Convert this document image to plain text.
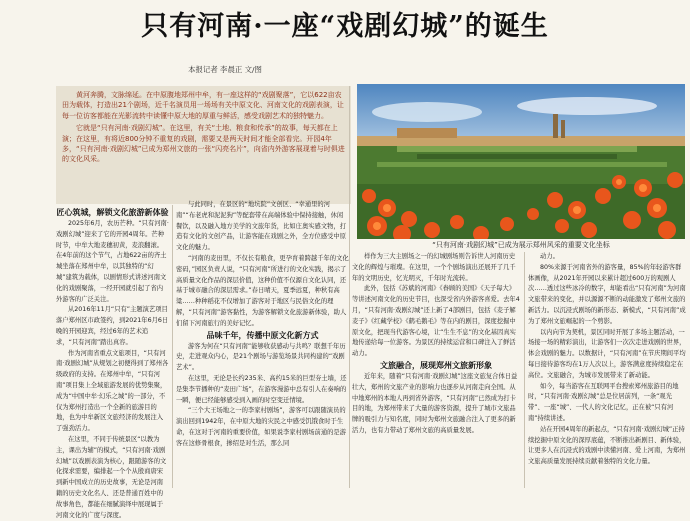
只有河南·一座“戏剧幻城”的诞生
本报记者 李晨正 文/图

黄河奔腾，文脉绵延。在中原腹地郑州中牟，有一座这样的“戏剧聚落”，它以622亩农田为载体，打造出21个剧场，近千名演员用一场场有关中原文化、河南文化的戏剧表演，让每一位访客都能在光影流转中读懂中原大地的厚重与鲜活，感受戏剧艺术的独特魅力。

它就是“只有河南·戏剧幻城”。在这里，有关“土地、粮食和传承”的故事，每天都在上演；在这里，有将近800分钟不重复的戏剧，需要又是两天时间才能全部看完。开园4年多，“只有河南·戏剧幻城”已成为郑州文旅的一张“闪亮名片”，向省内外游客展现着与时俱进的文化风采。

“只有河南·戏剧幻城”已成为展示郑州风采的重要文化坐标

匠心筑城，解锁文化旅游新体验

2025年6月，农历芒种。“只有河南·戏剧幻城”迎来了它的开园4周年。芒种时节，中牟大地麦穗初黄，麦浪翻滚。在4年前的这个节气，占地622亩的齐土城坐落在郑州中牟，以其独特的“幻城”建筑为载体，以剧情形式讲述河南文化的戏剧聚落，一经开园就引起了省内外游客的广泛关注。

从2016年11月“只有”主题演艺项目落户郑州区市政签约，到2021年6月6日晚的开园迎宾，经过6年的艺术追求，“只有河南”踏出真容。

作为河南省重点文旅项目，“只有河南·戏剧幻城”从规划之初便得到了郑州各级政府的支持。在郑州中牟，“只有河南”项目集上全域旅游发展的优势集聚，成为“中国中牟·幻乐之城”的一部分，不仅为郑州打造出一个全新的旅游目的地，也为中牟新区文旅经济的发展注入了强劲活力。

在这里，不同于传统景区“以教为主，课出为辅”的模式，“只有河南·戏剧幻城”以戏剧表演为核心，跟随游客的文化探求需要，编排起一个个从殷商唐宋到新中国成立的历史故事，无论是河南籍的历史文化名人、还是普通百姓中的故事角色，都能在细腻演绎中展现属于河南文化的广度与深度。

与此同时，在景区的“地坑院”文创区、“幸通里的河南”“布老虎和泥泥狗”等配套带在高端体验中保持接触，休闲餐饮，以及融入地方美学的文旅年货，比如庄奥实感文物，打造有文化的文创产品，让游客能在戏剧之外，全方位感受中原文化的魅力。

“河南的麦田里，不仅长有粮食，更孕育着跨越千年的文化密码，”园区负责人说，“只有河南”所进行的文化实践，揭示了高质量文化作品的深层价值，这种价值不仅源自文化认同，还基于城市融合的深层需求。”春日晴天，夏季远夏，种秋有高粱……种种稻花不仅增加了游客对于地区与民俗文化的理解，“只有河南”游客黏性，为游客解锁文化旅游新体验，助人们留下河南旅行的美好记忆。

品味千年，传播中原文化新方式

游客为何在“只有河南”能够收获感动与共鸣？联想千年历史，走进观众内心，是21个剧场与游览场景共同构建的“戏剧艺术”。

在这里，无论是长约235米、高约15米的巨型夯土墙，还是集李节播种的“麦田广场”，在游客漫游中总有引人在奏响的一瞬，便已经能够感受到入画的时空变迁情境。

“三个大王场地之一的李家村剧场”，游客可以跟随演员的演出回到1942年，在中原大地的灾民之中感受饥饿食时于生命，在这对于河南的重要价值，如果说李家村剧场前通的是游客在这修骨根食，掺绍是对生活，那么同

样作为三大主剧场之一的幻城剧场则告诉世人河南历史文化的辉煌与璀璨。在这里，一个个剧场演出还展开了几千年的文明历史，忆光明灭，千年时光流转。

此外，包括《苏斌的河南》《眷顾的美国》《天子每大》等讲述河南文化的历史节目，也深受省内外游客喜爱。去年4月，“只有河南·戏剧幻城”还上新了4部剧目，包括《麦子解麦子》《红藏学校》《鹤毛鹅毛》等在内的剧目，深度挖掘中原文化，把现当代游客心境，让“生生不息”的文化基因真实地传递给每一位游客。为景区的持续运营和口碑注入了鲜活动力。

文旅融合，展现郑州文旅新形象

近年来，随着“只有河南·戏剧幻城”这座文旅复合体日益壮大，郑州的文旅产业的影响力也逐步从河南走向全国。从中地郑州的本地人再到省外游客，“只有河南”已然成为打卡目的地，为郑州带来了大量的游客资源，提升了城市文旅品牌的吸引力与知名度，同时为郑州文旅融合注入了更多的新活力，也有力带动了郑州文旅的高质量发展。

动力。

80%来源于河南省外的游客量，85%的年轻游客群体画像，从2021年开园以来累计超过600万的观剧人次……透过这些冰冷的数字，却能看出“只有河南”为河南文旅带来的变化，并以源源不断的动能激发了郑州文旅的新活力。以沉浸式剧场的新形态、新模式，“只有河南”成为了郑州文旅崛起的一个剪影。

以内向节为契机，景区同时开展了多场主题活动，一场接一场的精彩演出，让游客们一次次走进戏剧的世界，体会戏剧的魅力。以数据计，“只有河南”在节庆期间平均每日接待游客均在1万人次以上，游客满意度持续稳定在高位。文旅融合，为城市发展带来了新动能。

如今，每当游客在互联网平台搜索郑州旅游目的地时，“只有河南·戏剧幻城”总是位居前列，一条“观光带”、一座“城”、一代人的文化记忆，正在被“只有河南”持续讲述。

站在开园4周年的新起点，“只有河南·戏剧幻城”正持续挖掘中原文化的深厚底蕴，不断推出新剧目、新体验，让更多人在沉浸式的戏剧中读懂河南、爱上河南，为郑州文旅高质量发展持续贡献着独特的文化力量。
